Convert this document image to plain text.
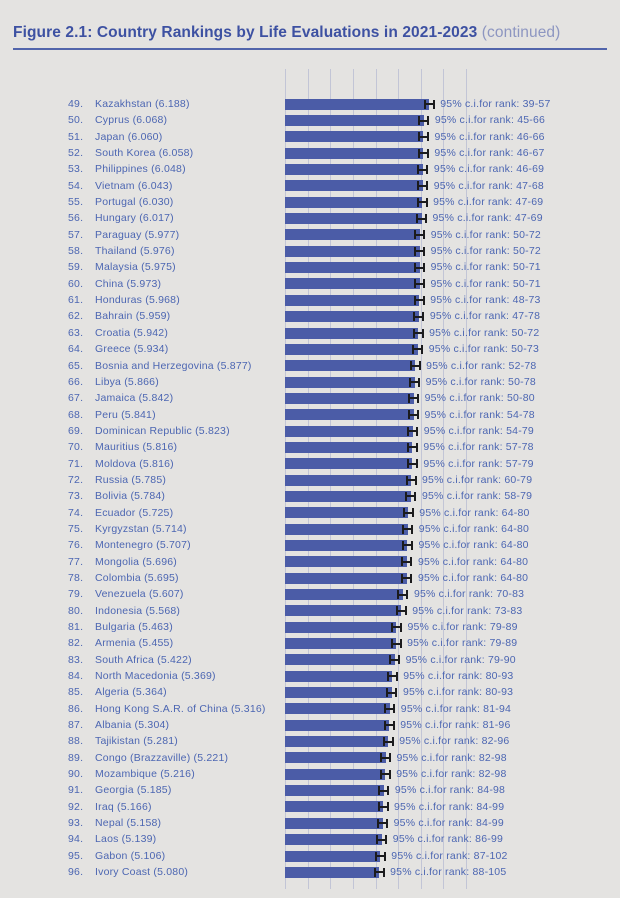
Figure 2.1: Country Rankings by Life Evaluations in 2021-2023 (continued)
49. Kazakhstan (6.188)	95% c.i.for rank: 39-57
50. Cyprus (6.068)	95% c.i.for rank: 45-66
51. Japan (6.060)	95% c.i.for rank: 46-66
52. South Korea (6.058)	95% c.i.for rank: 46-67
53. Philippines (6.048)	95% c.i.for rank: 46-69
54. Vietnam (6.043)	95% c.i.for rank: 47-68
55. Portugal (6.030)	95% c.i.for rank: 47-69
56. Hungary (6.017)	95% c.i.for rank: 47-69
57. Paraguay (5.977)	95% c.i.for rank: 50-72
58. Thailand (5.976)	95% c.i.for rank: 50-72
59. Malaysia (5.975)	95% c.i.for rank: 50-71
60. China (5.973)	95% c.i.for rank: 50-71
61. Honduras (5.968)	95% c.i.for rank: 48-73
62. Bahrain (5.959)	95% c.i.for rank: 47-78
63. Croatia (5.942)	95% c.i.for rank: 50-72
64. Greece (5.934)	95% c.i.for rank: 50-73
65. Bosnia and Herzegovina (5.877)	95% c.i.for rank: 52-78
66. Libya (5.866)	95% c.i.for rank: 50-78
67. Jamaica (5.842)	95% c.i.for rank: 50-80
68. Peru (5.841)	95% c.i.for rank: 54-78
69. Dominican Republic (5.823)	95% c.i.for rank: 54-79
70. Mauritius (5.816)	95% c.i.for rank: 57-78
71. Moldova (5.816)	95% c.i.for rank: 57-79
72. Russia (5.785)	95% c.i.for rank: 60-79
73. Bolivia (5.784)	95% c.i.for rank: 58-79
74. Ecuador (5.725)	95% c.i.for rank: 64-80
75. Kyrgyzstan (5.714)	95% c.i.for rank: 64-80
76. Montenegro (5.707)	95% c.i.for rank: 64-80
77. Mongolia (5.696)	95% c.i.for rank: 64-80
78. Colombia (5.695)	95% c.i.for rank: 64-80
79. Venezuela (5.607)	95% c.i.for rank: 70-83
80. Indonesia (5.568)	95% c.i.for rank: 73-83
81. Bulgaria (5.463)	95% c.i.for rank: 79-89
82. Armenia (5.455)	95% c.i.for rank: 79-89
83. South Africa (5.422)	95% c.i.for rank: 79-90
84. North Macedonia (5.369)	95% c.i.for rank: 80-93
85. Algeria (5.364)	95% c.i.for rank: 80-93
86. Hong Kong S.A.R. of China (5.316)	95% c.i.for rank: 81-94
87. Albania (5.304)	95% c.i.for rank: 81-96
88. Tajikistan (5.281)	95% c.i.for rank: 82-96
89. Congo (Brazzaville) (5.221)	95% c.i.for rank: 82-98
90. Mozambique (5.216)	95% c.i.for rank: 82-98
91. Georgia (5.185)	95% c.i.for rank: 84-98
92. Iraq (5.166)	95% c.i.for rank: 84-99
93. Nepal (5.158)	95% c.i.for rank: 84-99
94. Laos (5.139)	95% c.i.for rank: 86-99
95. Gabon (5.106)	95% c.i.for rank: 87-102
96. Ivory Coast (5.080)	95% c.i.for rank: 88-105
